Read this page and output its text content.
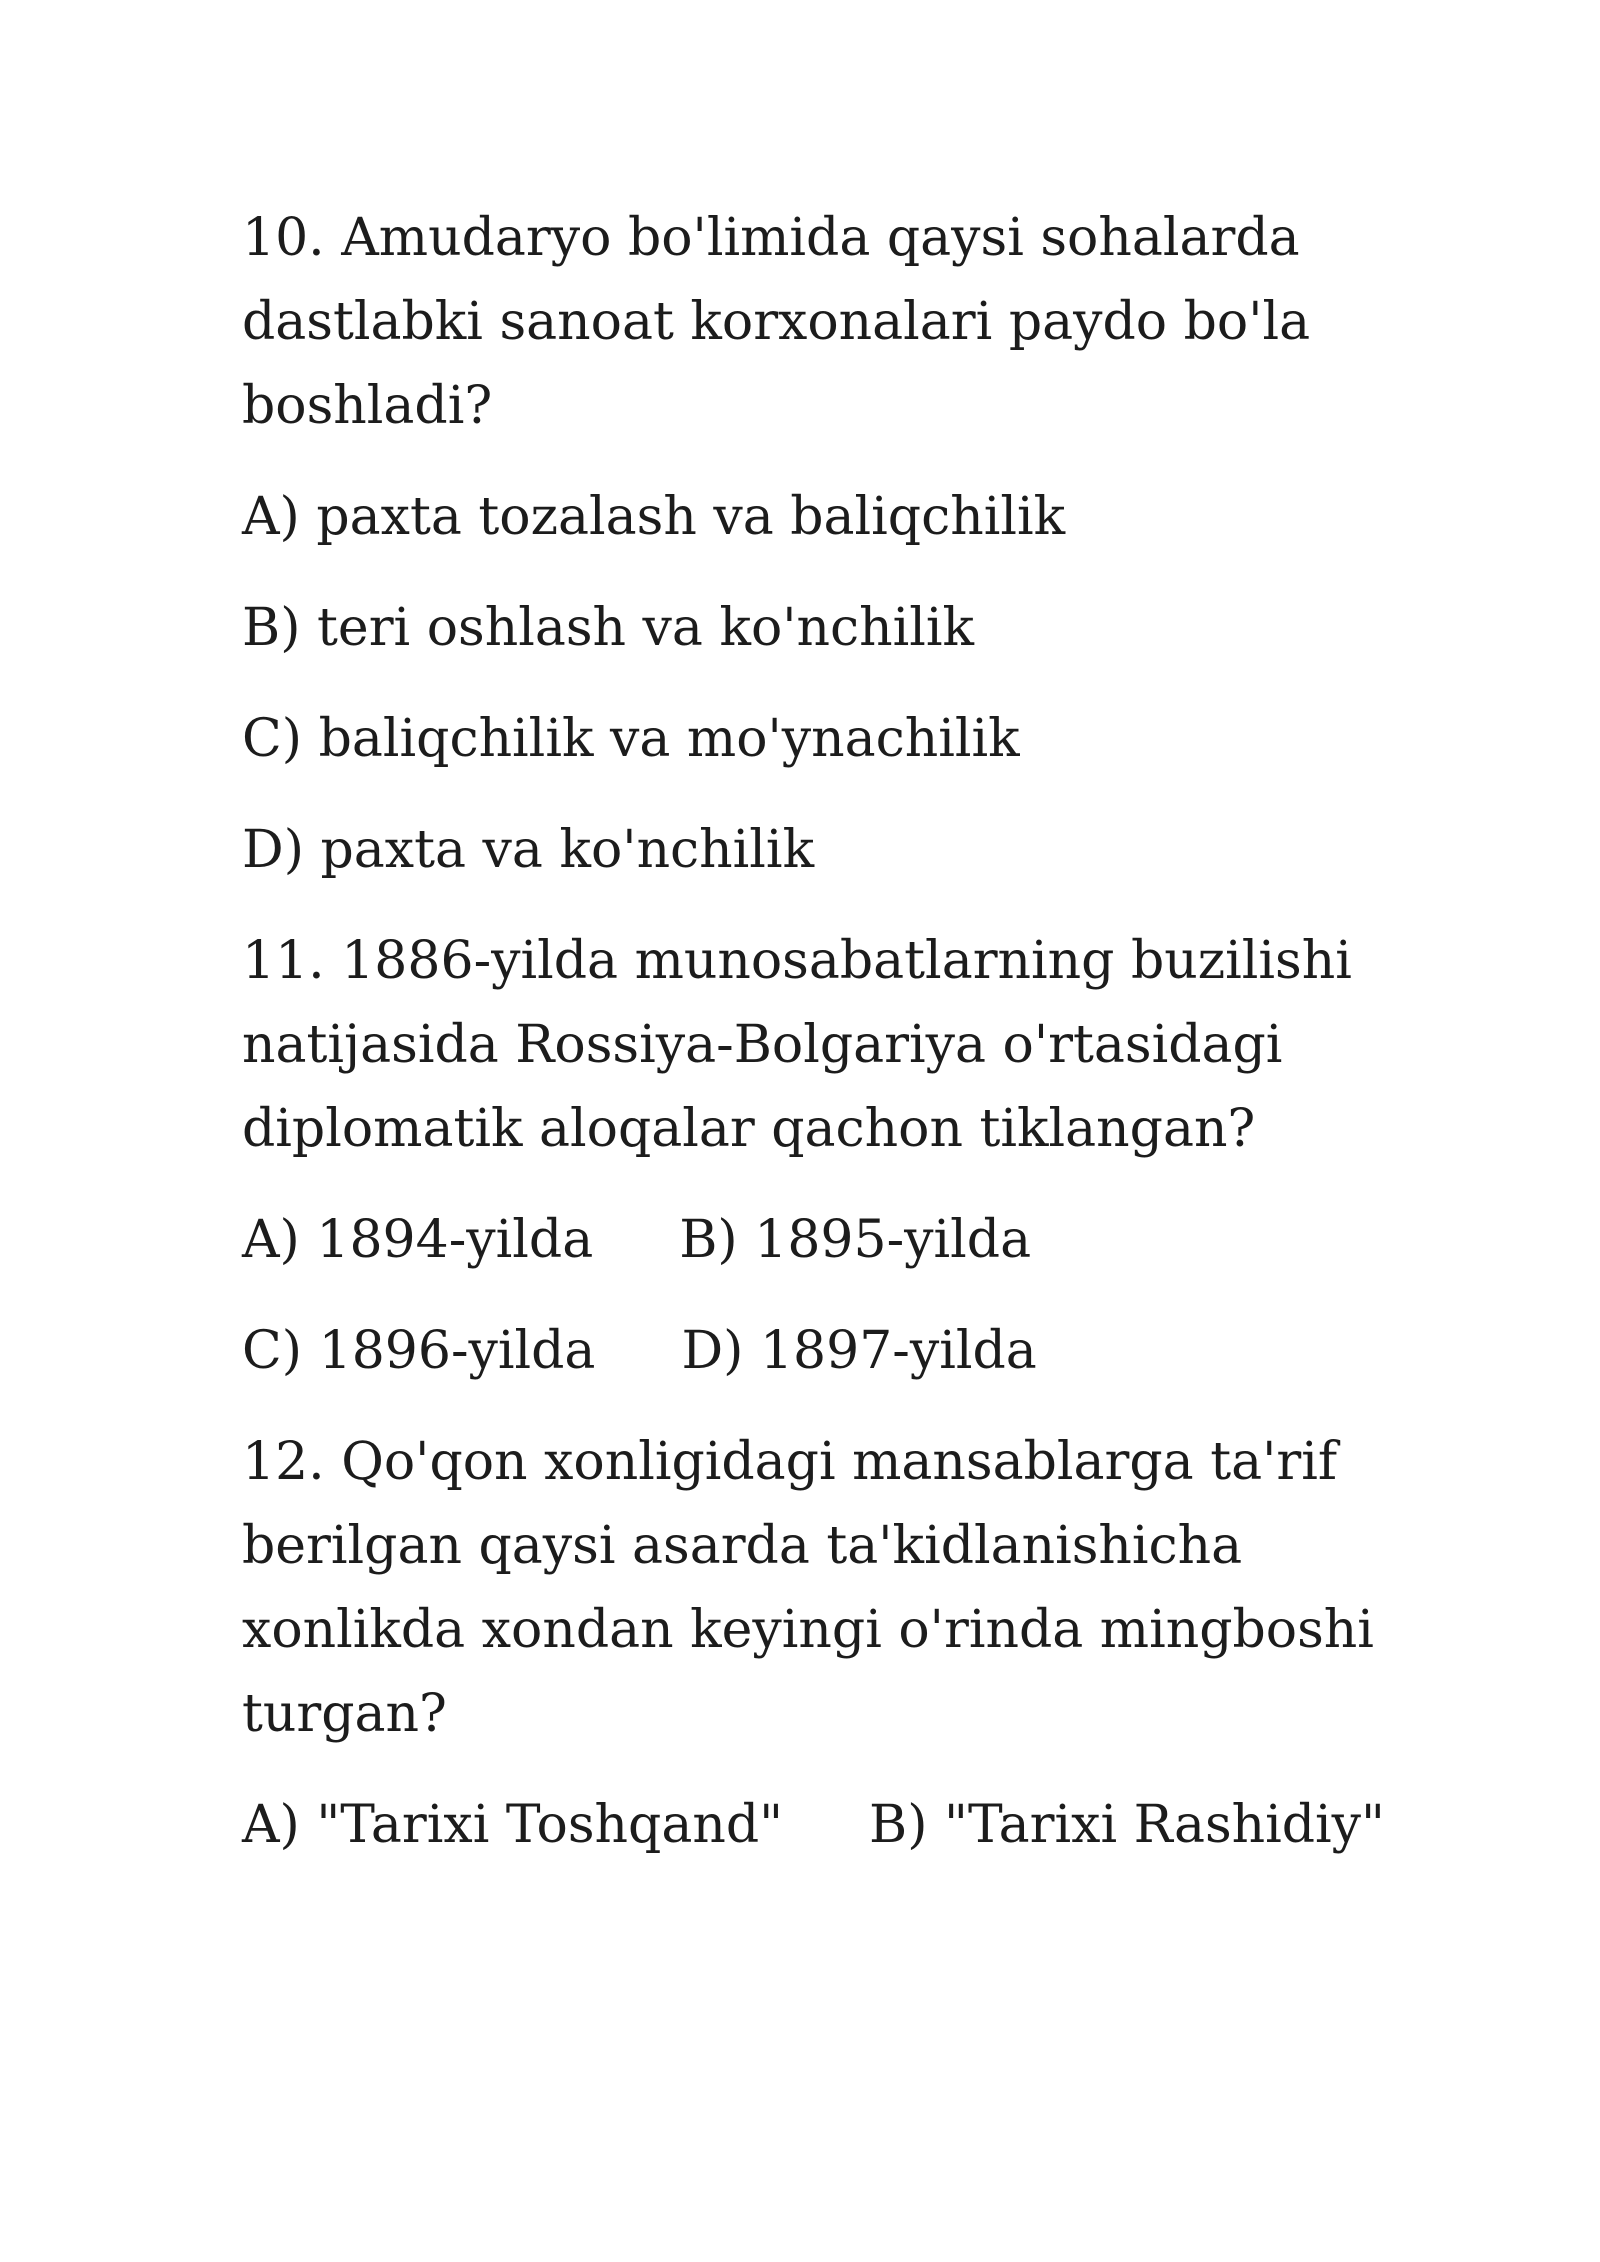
10. Amudaryo bo'limida qaysi sohalarda dastlabki sanoat korxonalari paydo bo'la boshladi?
A) paxta tozalash va baliqchilik
B) teri oshlash va ko'nchilik
C) baliqchilik va mo'ynachilik
D) paxta va ko'nchilik
11. 1886-yilda munosabatlarning buzilishi natijasida Rossiya-Bolgariya o'rtasidagi diplomatik aloqalar qachon tiklangan?
A) 1894-yilda B) 1895-yilda
C) 1896-yilda D) 1897-yilda
12. Qo'qon xonligidagi mansablarga ta'rif berilgan qaysi asarda ta'kidlanishicha xonlikda xondan keyingi o'rinda mingboshi turgan?
A) "Tarixi Toshqand" B) "Tarixi Rashidiy"
